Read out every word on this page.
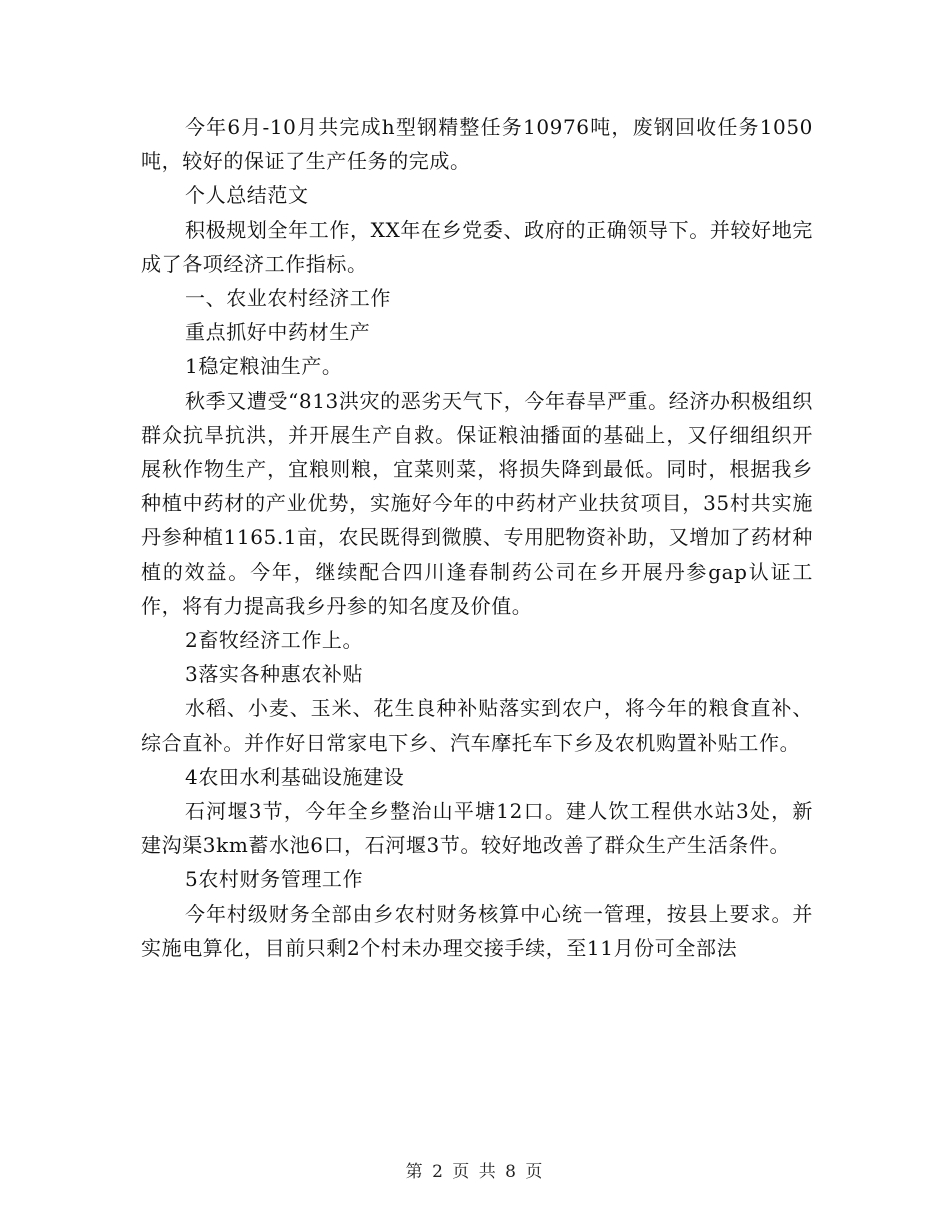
今年6月-10月共完成h型钢精整任务10976吨，废钢回收任务1050吨，较好的保证了生产任务的完成。

个人总结范文

积极规划全年工作，XX年在乡党委、政府的正确领导下。并较好地完成了各项经济工作指标。

一、农业农村经济工作

重点抓好中药材生产

1稳定粮油生产。

秋季又遭受“813洪灾的恶劣天气下，今年春旱严重。经济办积极组织群众抗旱抗洪，并开展生产自救。保证粮油播面的基础上，又仔细组织开展秋作物生产，宜粮则粮，宜菜则菜，将损失降到最低。同时，根据我乡种植中药材的产业优势，实施好今年的中药材产业扶贫项目，35村共实施丹参种植1165.1亩，农民既得到微膜、专用肥物资补助，又增加了药材种植的效益。今年，继续配合四川逢春制药公司在乡开展丹参gap认证工作，将有力提高我乡丹参的知名度及价值。

2畜牧经济工作上。

3落实各种惠农补贴

水稻、小麦、玉米、花生良种补贴落实到农户，将今年的粮食直补、综合直补。并作好日常家电下乡、汽车摩托车下乡及农机购置补贴工作。

4农田水利基础设施建设

石河堰3节，今年全乡整治山平塘12口。建人饮工程供水站3处，新建沟渠3km蓄水池6口，石河堰3节。较好地改善了群众生产生活条件。

5农村财务管理工作

今年村级财务全部由乡农村财务核算中心统一管理，按县上要求。并实施电算化，目前只剩2个村未办理交接手续，至11月份可全部法

第 2 页 共 8 页
